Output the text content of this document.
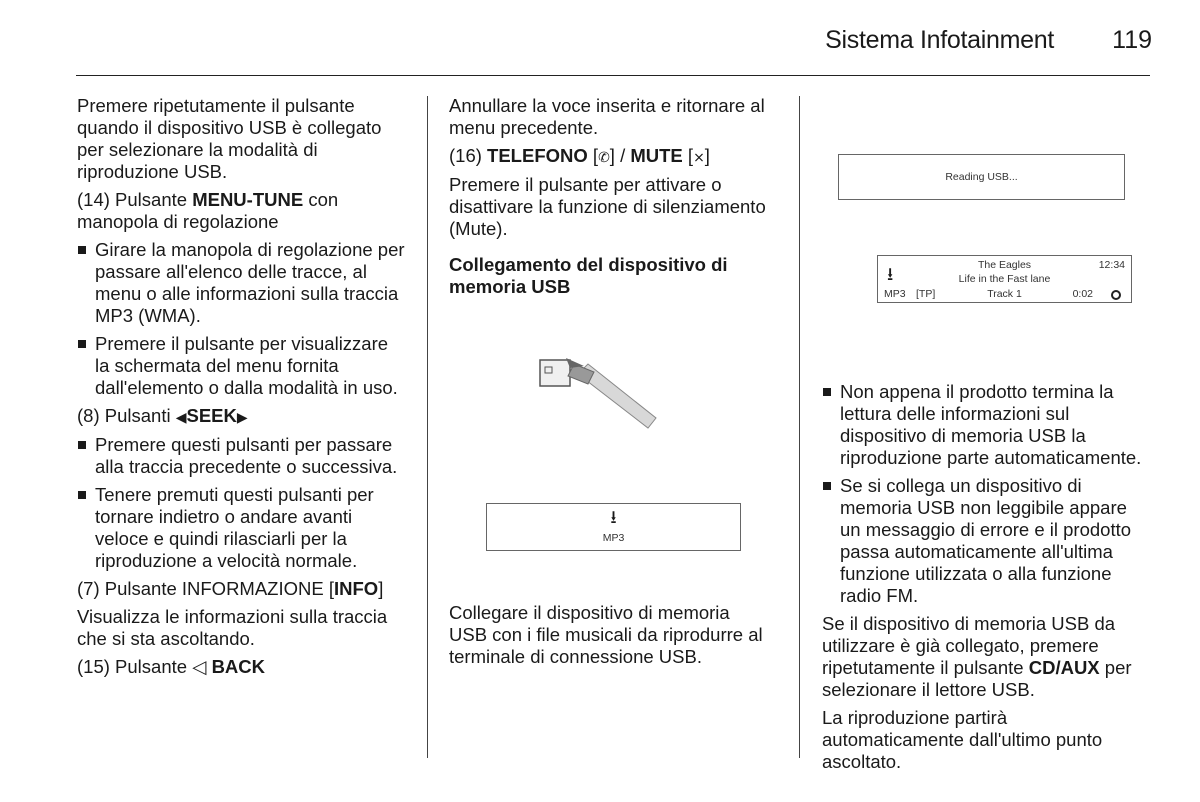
Sistema Infotainment 119

Premere ripetutamente il pulsante quando il dispositivo USB è collegato per selezionare la modalità di riproduzione USB.

(14) Pulsante MENU-TUNE con manopola di regolazione

Girare la manopola di regolazione per passare all'elenco delle tracce, al menu o alle informazioni sulla traccia MP3 (WMA).
Premere il pulsante per visualizzare la schermata del menu fornita dall'elemento o dalla modalità in uso.

(8) Pulsanti ◀︎SEEK▶︎

Premere questi pulsanti per passare alla traccia precedente o successiva.
Tenere premuti questi pulsanti per tornare indietro o andare avanti veloce e quindi rilasciarli per la riproduzione a velocità normale.

(7) Pulsante INFORMAZIONE [INFO]

Visualizza le informazioni sulla traccia che si sta ascoltando.

(15) Pulsante ◁ BACK

Annullare la voce inserita e ritornare al menu precedente.

(16) TELEFONO [✆] / MUTE [⨯]

Premere il pulsante per attivare o disattivare la funzione di silenziamento (Mute).

Collegamento del dispositivo di memoria USB

⭳
MP3

Collegare il dispositivo di memoria USB con i file musicali da riprodurre al terminale di connessione USB.

Reading USB...
⭳	The Eagles	12:34
Life in the Fast lane
MP3 [TP]	Track 1	0:02
Non appena il prodotto termina la lettura delle informazioni sul dispositivo di memoria USB la riproduzione parte automaticamente.
Se si collega un dispositivo di memoria USB non leggibile appare un messaggio di errore e il prodotto passa automaticamente all'ultima funzione utilizzata o alla funzione radio FM.

Se il dispositivo di memoria USB da utilizzare è già collegato, premere ripetutamente il pulsante CD/AUX per selezionare il lettore USB.

La riproduzione partirà automaticamente dall'ultimo punto ascoltato.
